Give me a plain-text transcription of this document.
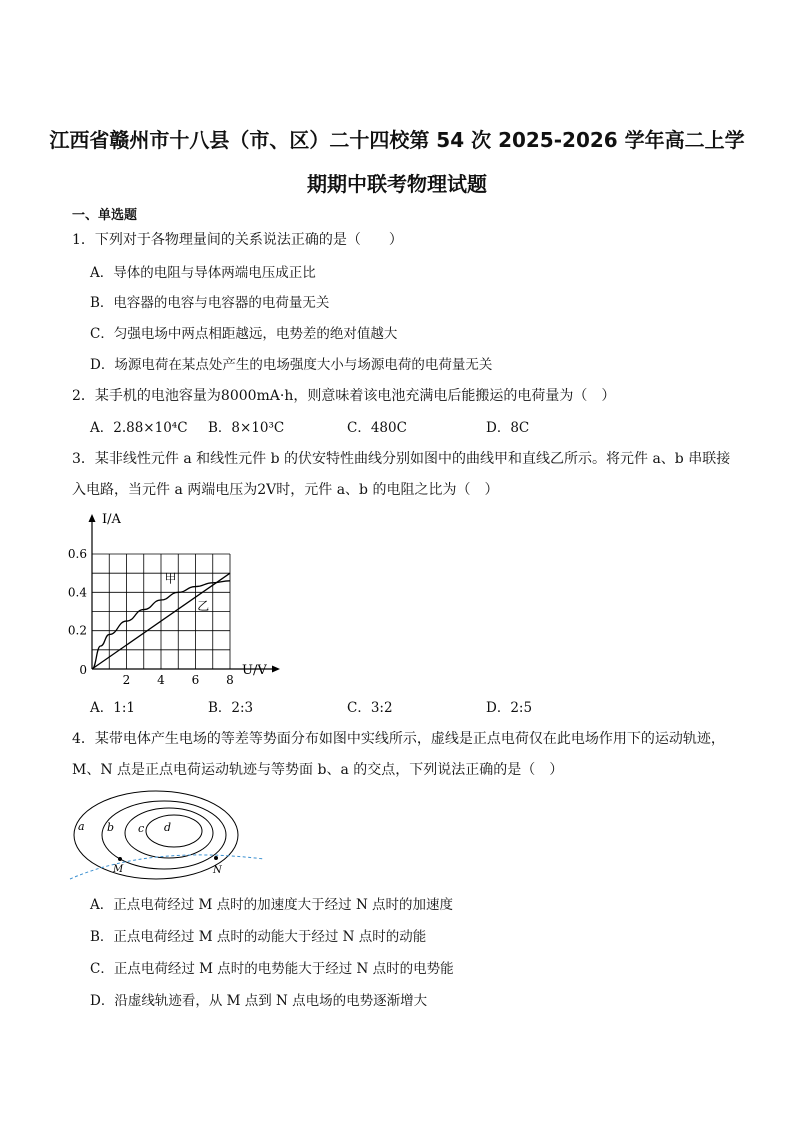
江西省赣州市十八县（市、区）二十四校第 54 次 2025-2026 学年高二上学
期期中联考物理试题
一、单选题
1．下列对于各物理量间的关系说法正确的是（　　）
A．导体的电阻与导体两端电压成正比
B．电容器的电容与电容器的电荷量无关
C．匀强电场中两点相距越远，电势差的绝对值越大
D．场源电荷在某点处产生的电场强度大小与场源电荷的电荷量无关
2．某手机的电池容量为8000mA·h，则意味着该电池充满电后能搬运的电荷量为（　）
A．2.88×10⁴C B．8×10³C	C．480C	D．8C
3．某非线性元件 a 和线性元件 b 的伏安特性曲线分别如图中的曲线甲和直线乙所示。将元件 a、b 串联接
入电路，当元件 a 两端电压为2V时，元件 a、b 的电阻之比为（　）
2 4 6 8
0.2
0.4
0.6
I/A
U/V
0
甲
乙
A．1:1	B．2:3	C．3:2	D．2:5
4．某带电体产生电场的等差等势面分布如图中实线所示，虚线是正点电荷仅在此电场作用下的运动轨迹，
M、N 点是正点电荷运动轨迹与等势面 b、a 的交点，下列说法正确的是（　）
a b c d
M	N
A．正点电荷经过 M 点时的加速度大于经过 N 点时的加速度
B．正点电荷经过 M 点时的动能大于经过 N 点时的动能
C．正点电荷经过 M 点时的电势能大于经过 N 点时的电势能
D．沿虚线轨迹看，从 M 点到 N 点电场的电势逐渐增大
